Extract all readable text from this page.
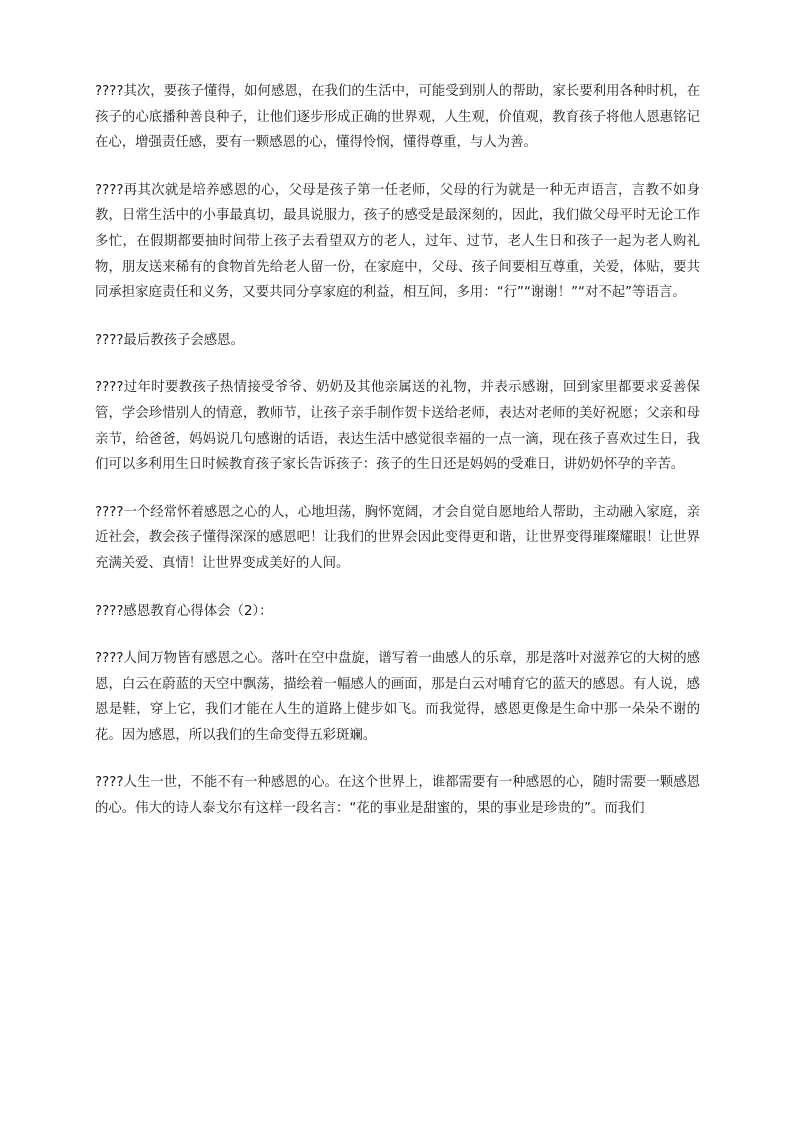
????其次，要孩子懂得，如何感恩，在我们的生活中，可能受到别人的帮助，家长要利用各种时机，在孩子的心底播种善良种子，让他们逐步形成正确的世界观，人生观，价值观，教育孩子将他人恩惠铭记在心，增强责任感，要有一颗感恩的心，懂得怜悯，懂得尊重，与人为善。

????再其次就是培养感恩的心，父母是孩子第一任老师，父母的行为就是一种无声语言，言教不如身教，日常生活中的小事最真切，最具说服力，孩子的感受是最深刻的，因此，我们做父母平时无论工作多忙，在假期都要抽时间带上孩子去看望双方的老人，过年、过节，老人生日和孩子一起为老人购礼物，朋友送来稀有的食物首先给老人留一份，在家庭中，父母、孩子间要相互尊重，关爱，体贴，要共同承担家庭责任和义务，又要共同分享家庭的利益，相互间，多用：“行”“谢谢！”“对不起”等语言。

????最后教孩子会感恩。

????过年时要教孩子热情接受爷爷、奶奶及其他亲属送的礼物，并表示感谢，回到家里都要求妥善保管，学会珍惜别人的情意，教师节，让孩子亲手制作贺卡送给老师，表达对老师的美好祝愿；父亲和母亲节，给爸爸，妈妈说几句感谢的话语，表达生活中感觉很幸福的一点一滴，现在孩子喜欢过生日，我们可以多利用生日时候教育孩子家长告诉孩子：孩子的生日还是妈妈的受难日，讲奶奶怀孕的辛苦。

????一个经常怀着感恩之心的人，心地坦荡，胸怀宽阔，才会自觉自愿地给人帮助，主动融入家庭，亲近社会，教会孩子懂得深深的感恩吧！让我们的世界会因此变得更和谐，让世界变得璀璨耀眼！让世界充满关爱、真情！让世界变成美好的人间。

????感恩教育心得体会（2）：

????人间万物皆有感恩之心。落叶在空中盘旋，谱写着一曲感人的乐章，那是落叶对滋养它的大树的感恩，白云在蔚蓝的天空中飘荡，描绘着一幅感人的画面，那是白云对哺育它的蓝天的感恩。有人说，感恩是鞋，穿上它，我们才能在人生的道路上健步如飞。而我觉得，感恩更像是生命中那一朵朵不谢的花。因为感恩，所以我们的生命变得五彩斑斓。

????人生一世，不能不有一种感恩的心。在这个世界上，谁都需要有一种感恩的心，随时需要一颗感恩的心。伟大的诗人泰戈尔有这样一段名言：“花的事业是甜蜜的，果的事业是珍贵的”。而我们
